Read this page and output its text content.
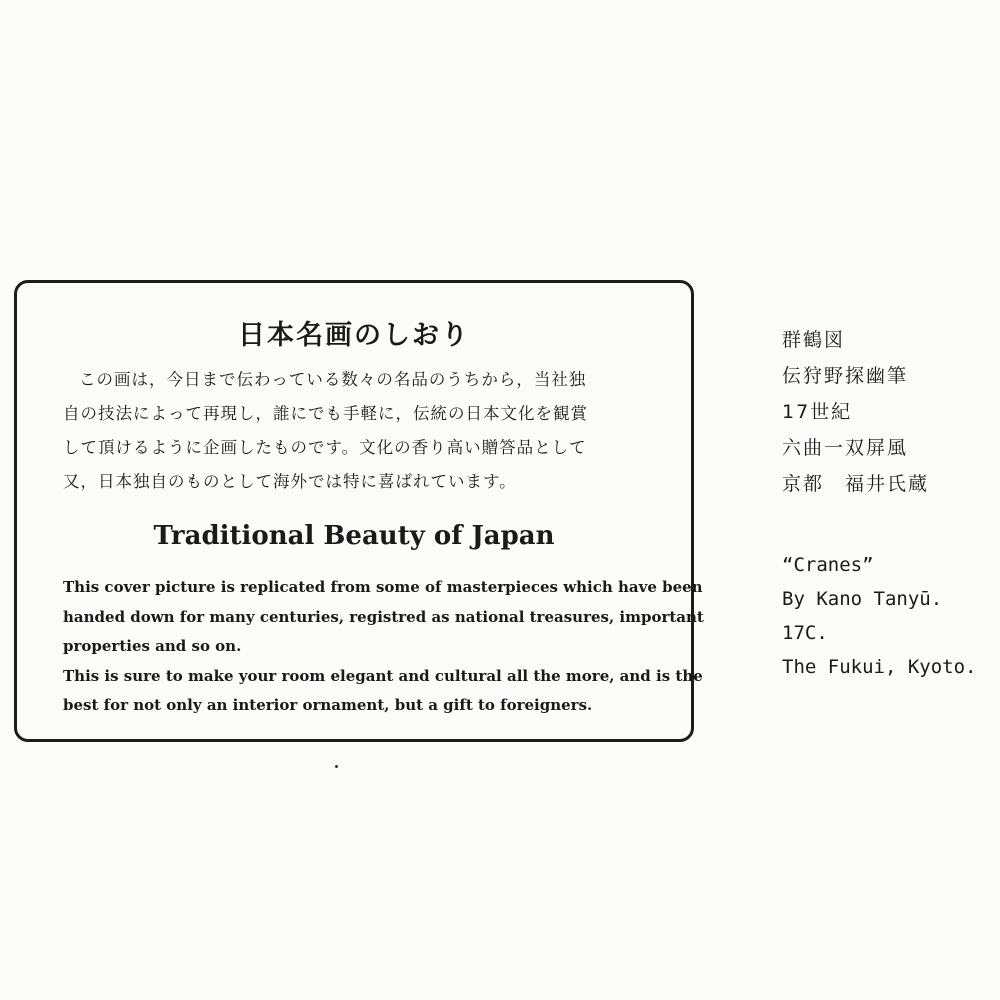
日本名画のしおり
この画は，今日まで伝わっている数々の名品のうちから，当社独
自の技法によって再現し，誰にでも手軽に，伝統の日本文化を観賞
して頂けるように企画したものです。文化の香り高い贈答品として
又，日本独自のものとして海外では特に喜ばれています。
Traditional Beauty of Japan
This cover picture is replicated from some of masterpieces which have been
handed down for many centuries, registred as national treasures, important
properties and so on.
This is sure to make your room elegant and cultural all the more, and is the
best for not only an interior ornament, but a gift to foreigners.
群鶴図
伝狩野探幽筆
17世紀
六曲一双屏風
京都　福井氏蔵
“Cranes”
By Kano Tanyū.
17C.
The Fukui, Kyoto.
